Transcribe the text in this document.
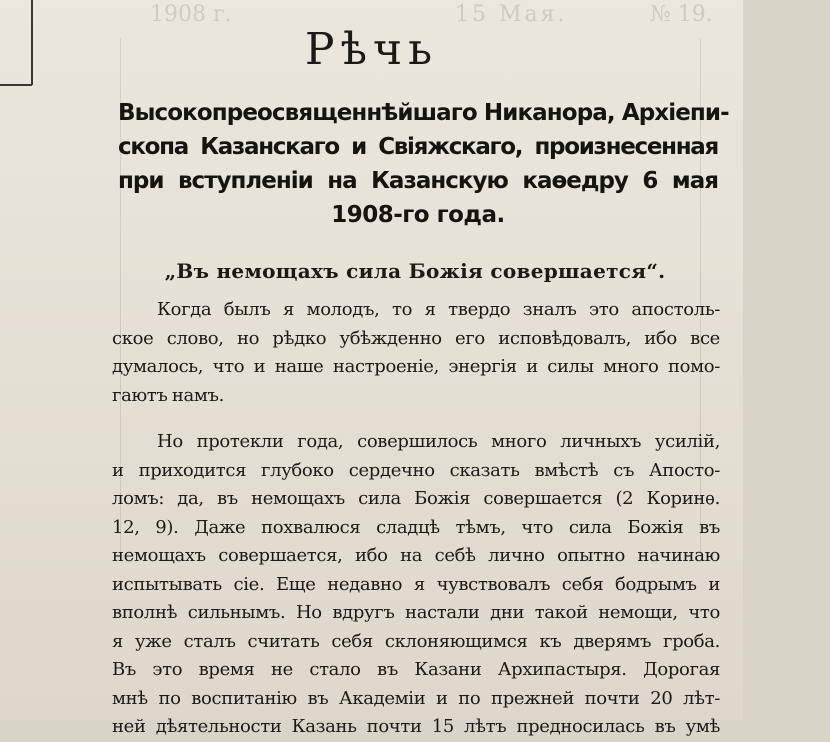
1908 г.	15 Мая.	№ 19.
Рѣчь
Высокопреосвященнѣйшаго Никанора, Архіепи-
скопа Казанскаго и Свіяжскаго, произнесенная
при вступленіи на Казанскую каѳедру 6 мая
1908-го года.

„Въ немощахъ сила Божія совершается“.

Когда былъ я молодъ, то я твердо зналъ это апостоль-
ское слово, но рѣдко убѣжденно его исповѣдовалъ, ибо все
думалось, что и наше настроеніе, энергія и силы много помо-
гаютъ намъ.
Но протекли года, совершилось много личныхъ усилій,
и приходится глубоко сердечно сказать вмѣстѣ съ Апосто-
ломъ: да, въ немощахъ сила Божія совершается (2 Коринѳ.
12, 9). Даже похвалюся сладцѣ тѣмъ, что сила Божія въ
немощахъ совершается, ибо на себѣ лично опытно начинаю
испытывать сіе. Еще недавно я чувствовалъ себя бодрымъ и
вполнѣ сильнымъ. Но вдругъ настали дни такой немощи, что
я уже сталъ считать себя склоняющимся къ дверямъ гроба.
Въ это время не стало въ Казани Архипастыря. Дорогая
мнѣ по воспитанію въ Академіи и по прежней почти 20 лѣт-
ней дѣятельности Казань почти 15 лѣтъ предносилась въ умѣ
